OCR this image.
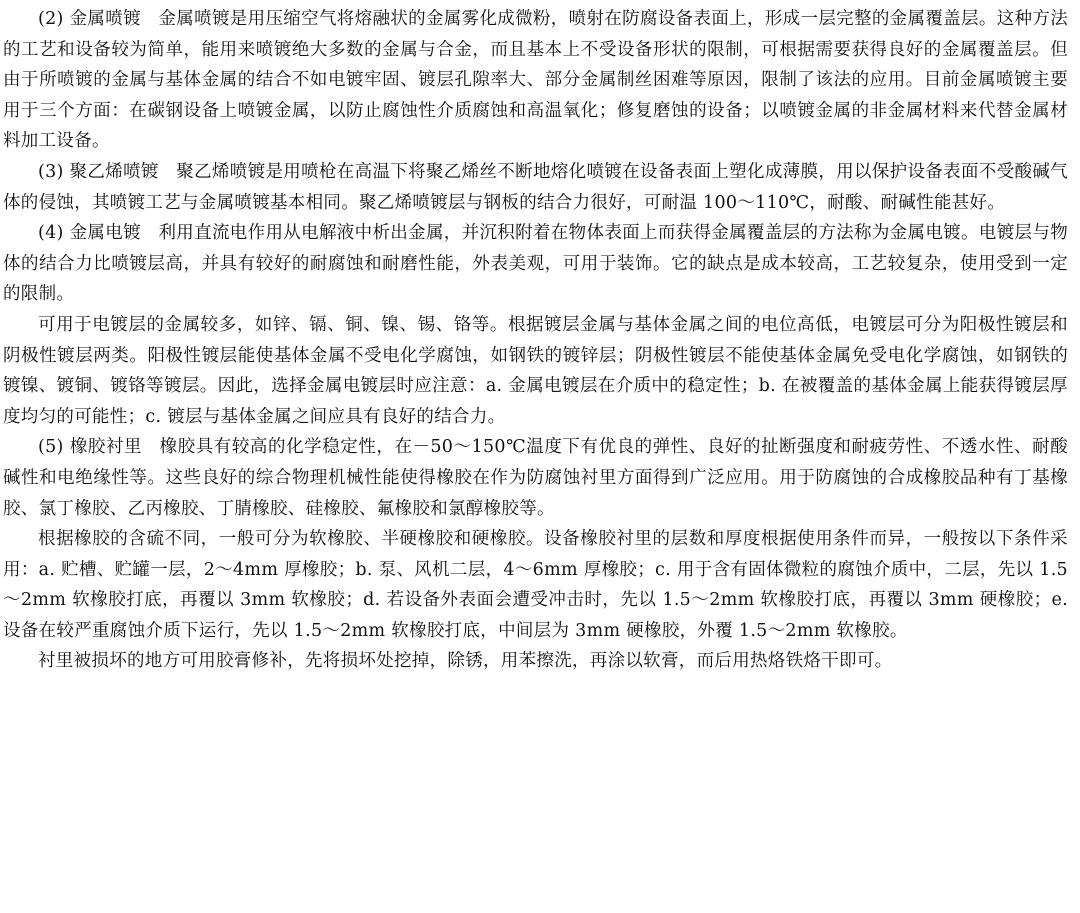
(2) 金属喷镀 金属喷镀是用压缩空气将熔融状的金属雾化成微粉，喷射在防腐设备表面上，形成一层完整的金属覆盖层。这种方法的工艺和设备较为简单，能用来喷镀绝大多数的金属与合金，而且基本上不受设备形状的限制，可根据需要获得良好的金属覆盖层。但由于所喷镀的金属与基体金属的结合不如电镀牢固、镀层孔隙率大、部分金属制丝困难等原因，限制了该法的应用。目前金属喷镀主要用于三个方面：在碳钢设备上喷镀金属，以防止腐蚀性介质腐蚀和高温氧化；修复磨蚀的设备；以喷镀金属的非金属材料来代替金属材料加工设备。

(3) 聚乙烯喷镀 聚乙烯喷镀是用喷枪在高温下将聚乙烯丝不断地熔化喷镀在设备表面上塑化成薄膜，用以保护设备表面不受酸碱气体的侵蚀，其喷镀工艺与金属喷镀基本相同。聚乙烯喷镀层与钢板的结合力很好，可耐温 100～110℃，耐酸、耐碱性能甚好。

(4) 金属电镀 利用直流电作用从电解液中析出金属，并沉积附着在物体表面上而获得金属覆盖层的方法称为金属电镀。电镀层与物体的结合力比喷镀层高，并具有较好的耐腐蚀和耐磨性能，外表美观，可用于装饰。它的缺点是成本较高，工艺较复杂，使用受到一定的限制。

可用于电镀层的金属较多，如锌、镉、铜、镍、锡、铬等。根据镀层金属与基体金属之间的电位高低，电镀层可分为阳极性镀层和阴极性镀层两类。阳极性镀层能使基体金属不受电化学腐蚀，如钢铁的镀锌层；阴极性镀层不能使基体金属免受电化学腐蚀，如钢铁的镀镍、镀铜、镀铬等镀层。因此，选择金属电镀层时应注意：a. 金属电镀层在介质中的稳定性；b. 在被覆盖的基体金属上能获得镀层厚度均匀的可能性；c. 镀层与基体金属之间应具有良好的结合力。

(5) 橡胶衬里 橡胶具有较高的化学稳定性，在－50～150℃温度下有优良的弹性、良好的扯断强度和耐疲劳性、不透水性、耐酸碱性和电绝缘性等。这些良好的综合物理机械性能使得橡胶在作为防腐蚀衬里方面得到广泛应用。用于防腐蚀的合成橡胶品种有丁基橡胶、氯丁橡胶、乙丙橡胶、丁腈橡胶、硅橡胶、氟橡胶和氯醇橡胶等。

根据橡胶的含硫不同，一般可分为软橡胶、半硬橡胶和硬橡胶。设备橡胶衬里的层数和厚度根据使用条件而异，一般按以下条件采用：a. 贮槽、贮罐一层，2～4mm 厚橡胶；b. 泵、风机二层，4～6mm 厚橡胶；c. 用于含有固体微粒的腐蚀介质中，二层，先以 1.5～2mm 软橡胶打底，再覆以 3mm 软橡胶；d. 若设备外表面会遭受冲击时，先以 1.5～2mm 软橡胶打底，再覆以 3mm 硬橡胶；e. 设备在较严重腐蚀介质下运行，先以 1.5～2mm 软橡胶打底，中间层为 3mm 硬橡胶，外覆 1.5～2mm 软橡胶。

衬里被损坏的地方可用胶膏修补，先将损坏处挖掉，除锈，用苯擦洗，再涂以软膏，而后用热烙铁烙干即可。
